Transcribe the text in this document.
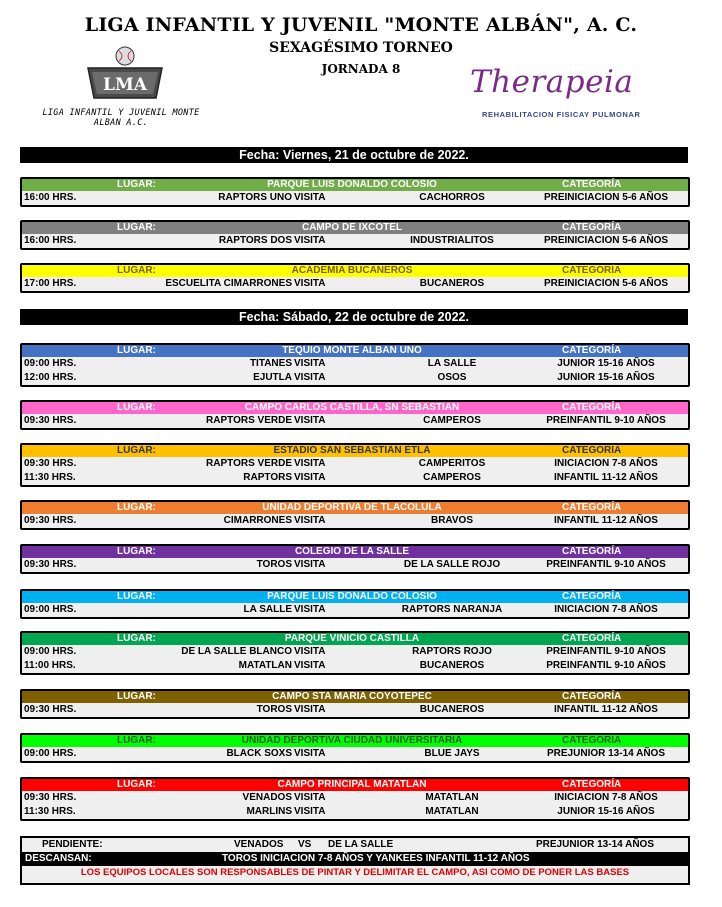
LIGA INFANTIL Y JUVENIL "MONTE ALBÁN", A. C.
SEXAGÉSIMO TORNEO
JORNADA 8
LMA
LIGA INFANTIL Y JUVENIL MONTE ALBAN A.C.
Therapeia
REHABILITACION FISICAY PULMONAR
Fecha: Viernes, 21 de octubre de 2022.
Fecha: Sábado, 22 de octubre de 2022.
LUGAR:	PARQUE LUIS DONALDO COLOSIO	CATEGORÍA
16:00 HRS.	RAPTORS UNO VISITA	CACHORROS	PREINICIACION 5-6 AÑOS
LUGAR:	CAMPO DE IXCOTEL	CATEGORÍA
16:00 HRS.	RAPTORS DOS VISITA	INDUSTRIALITOS	PREINICIACION 5-6 AÑOS
LUGAR:	ACADEMIA BUCANEROS	CATEGORÍA
17:00 HRS.	ESCUELITA CIMARRONES VISITA	BUCANEROS	PREINICIACION 5-6 AÑOS
LUGAR:	TEQUIO MONTE ALBAN UNO	CATEGORÍA
09:00 HRS.	TITANES VISITA	LA SALLE	JUNIOR 15-16 AÑOS
12:00 HRS.	EJUTLA VISITA	OSOS	JUNIOR 15-16 AÑOS
LUGAR:	CAMPO CARLOS CASTILLA, SN SEBASTIAN	CATEGORÍA
09:30 HRS.	RAPTORS VERDE VISITA	CAMPEROS	PREINFANTIL 9-10 AÑOS
LUGAR:	ESTADIO SAN SEBASTIAN ETLA	CATEGORÍA
09:30 HRS.	RAPTORS VERDE VISITA	CAMPERITOS	INICIACION 7-8 AÑOS
11:30 HRS.	RAPTORS VISITA	CAMPEROS	INFANTIL 11-12 AÑOS
LUGAR:	UNIDAD DEPORTIVA DE TLACOLULA	CATEGORÍA
09:30 HRS.	CIMARRONES VISITA	BRAVOS	INFANTIL 11-12 AÑOS
LUGAR:	COLEGIO DE LA SALLE	CATEGORÍA
09:30 HRS.	TOROS VISITA	DE LA SALLE ROJO	PREINFANTIL 9-10 AÑOS
LUGAR:	PARQUE LUIS DONALDO COLOSIO	CATEGORÍA
09:00 HRS.	LA SALLE VISITA	RAPTORS NARANJA	INICIACION 7-8 AÑOS
LUGAR:	PARQUE VINICIO CASTILLA	CATEGORÍA
09:00 HRS.	DE LA SALLE BLANCO VISITA	RAPTORS ROJO	PREINFANTIL 9-10 AÑOS
11:00 HRS.	MATATLAN VISITA	BUCANEROS	PREINFANTIL 9-10 AÑOS
LUGAR:	CAMPO STA MARIA COYOTEPEC	CATEGORÍA
09:30 HRS.	TOROS VISITA	BUCANEROS	INFANTIL 11-12 AÑOS
LUGAR:	UNIDAD DEPORTIVA CIUDAD UNIVERSITARIA	CATEGORÍA
09:00 HRS.	BLACK SOXS VISITA	BLUE JAYS	PREJUNIOR 13-14 AÑOS
LUGAR:	CAMPO PRINCIPAL MATATLAN	CATEGORÍA
09:30 HRS.	VENADOS VISITA	MATATLAN	INICIACION 7-8 AÑOS
11:30 HRS.	MARLINS VISITA	MATATLAN	JUNIOR 15-16 AÑOS
PENDIENTE:	VENADOS VS DE LA SALLE	PREJUNIOR 13-14 AÑOS
DESCANSAN:	TOROS INICIACION 7-8 AÑOS Y YANKEES INFANTIL 11-12 AÑOS
LOS EQUIPOS LOCALES SON RESPONSABLES DE PINTAR Y DELIMITAR EL CAMPO, ASI COMO DE PONER LAS BASES
